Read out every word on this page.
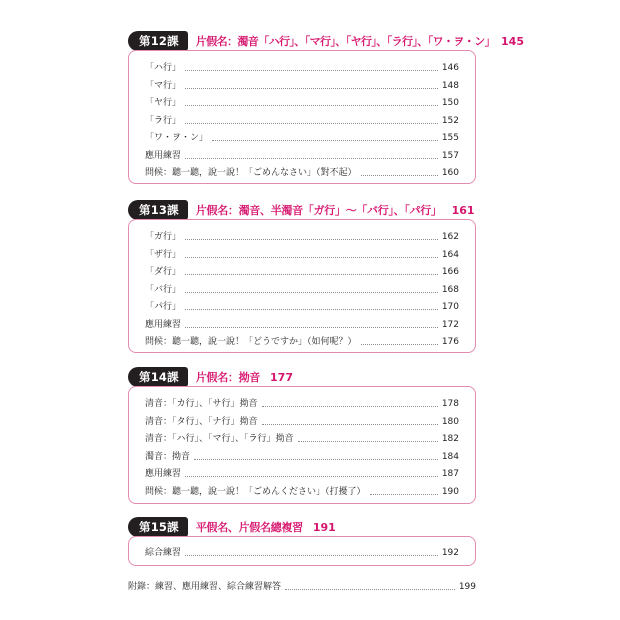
第12課	片假名：濁音「ハ行」、「マ行」、「ヤ行」、「ラ行」、「ワ・ヲ・ン」 145
「ハ行」	146
「マ行」	148
「ヤ行」	150
「ラ行」	152
「ワ・ヲ・ン」	155
應用練習	157
問候：聽一聽，說一說！「ごめんなさい」（對不起）	160
第13課	片假名：濁音、半濁音「ガ行」～「バ行」、「パ行」 161
「ガ行」	162
「ザ行」	164
「ダ行」	166
「バ行」	168
「パ行」	170
應用練習	172
問候：聽一聽，說一說！「どうですか」（如何呢？）	176
第14課	片假名：拗音 177
清音：「カ行」、「サ行」拗音	178
清音：「タ行」、「ナ行」拗音	180
清音：「ハ行」、「マ行」、「ラ行」拗音	182
濁音：拗音	184
應用練習	187
問候：聽一聽，說一說！「ごめんください」（打擾了）	190
第15課	平假名、片假名總複習 191
綜合練習	192
附錄：練習、應用練習、綜合練習解答	199
